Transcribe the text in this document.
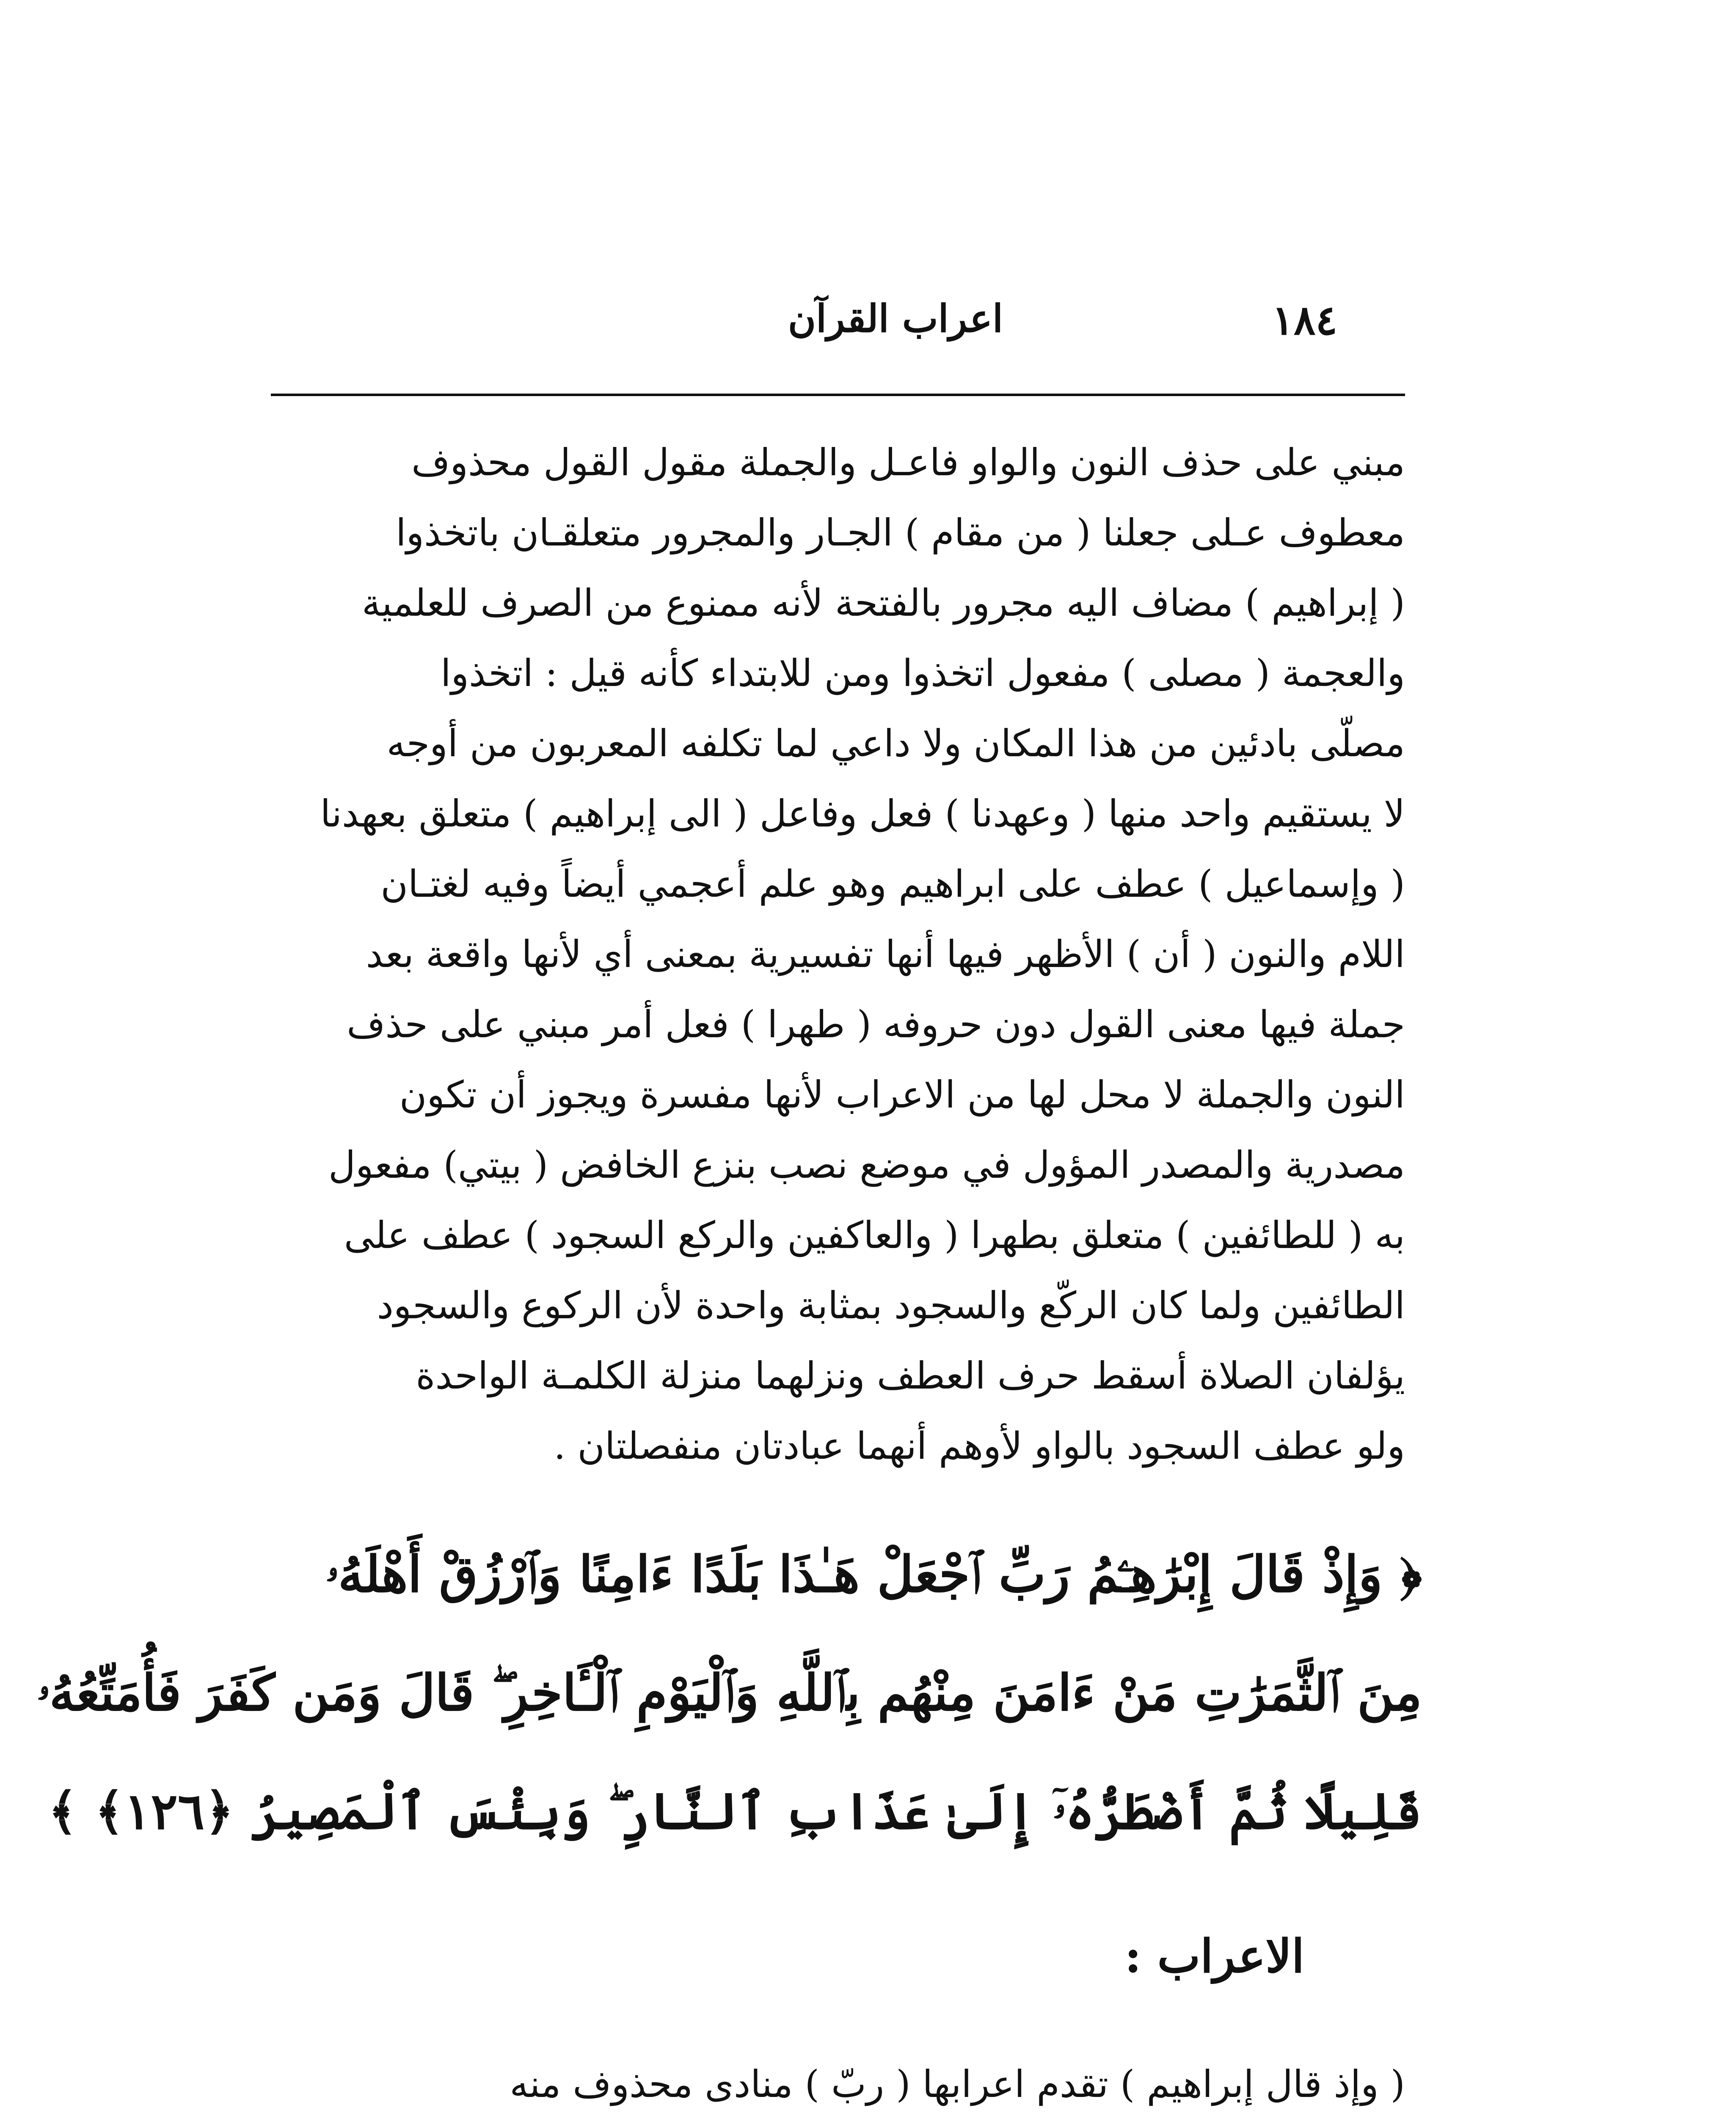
١٨٤
اعراب القرآن
مبني على حذف النون والواو فاعـل والجملة مقول القول محذوف
معطوف عـلى جعلنا ( من مقام ) الجـار والمجرور متعلقـان باتخذوا
( إبراهيم ) مضاف اليه مجرور بالفتحة لأنه ممنوع من الصرف للعلمية
والعجمة ( مصلى ) مفعول اتخذوا ومن للابتداء كأنه قيل : اتخذوا
مصلّى بادئين من هذا المكان ولا داعي لما تكلفه المعربون من أوجه
لا يستقيم واحد منها ( وعهدنا ) فعل وفاعل ( الى إبراهيم ) متعلق بعهدنا
( وإسماعيل ) عطف على ابراهيم وهو علم أعجمي أيضاً وفيه لغتـان
اللام والنون ( أن ) الأظهر فيها أنها تفسيرية بمعنى أي لأنها واقعة بعد
جملة فيها معنى القول دون حروفه ( طهرا ) فعل أمر مبني على حذف
النون والجملة لا محل لها من الاعراب لأنها مفسرة ويجوز أن تكون
مصدرية والمصدر المؤول في موضع نصب بنزع الخافض ( بيتي) مفعول
به ( للطائفين ) متعلق بطهرا ( والعاكفين والركع السجود ) عطف على
الطائفين ولما كان الركّع والسجود بمثابة واحدة لأن الركوع والسجود
يؤلفان الصلاة أسقط حرف العطف ونزلهما منزلة الكلمـة الواحدة
ولو عطف السجود بالواو لأوهم أنهما عبادتان منفصلتان .
﴿ وَإِذْ قَالَ إِبْرَٰهِـۧمُ رَبِّ ٱجْعَلْ هَـٰذَا بَلَدًا ءَامِنًا وَٱرْزُقْ أَهْلَهُۥ
مِنَ ٱلثَّمَرَٰتِ مَنْ ءَامَنَ مِنْهُم بِٱللَّهِ وَٱلْيَوْمِ ٱلْـَٔاخِرِ ۖ قَالَ وَمَن كَفَرَ فَأُمَتِّعُهُۥ
قَلِيلًا ثُمَّ أَضْطَرُّهُۥٓ إِلَىٰ عَذَابِ ٱلنَّارِ ۖ وَبِئْسَ ٱلْمَصِيرُ ﴿١٢٦﴾ ﴾
الاعراب :
( وإذ قال إبراهيم ) تقدم اعرابها ( ربّ ) منادى محذوف منه
